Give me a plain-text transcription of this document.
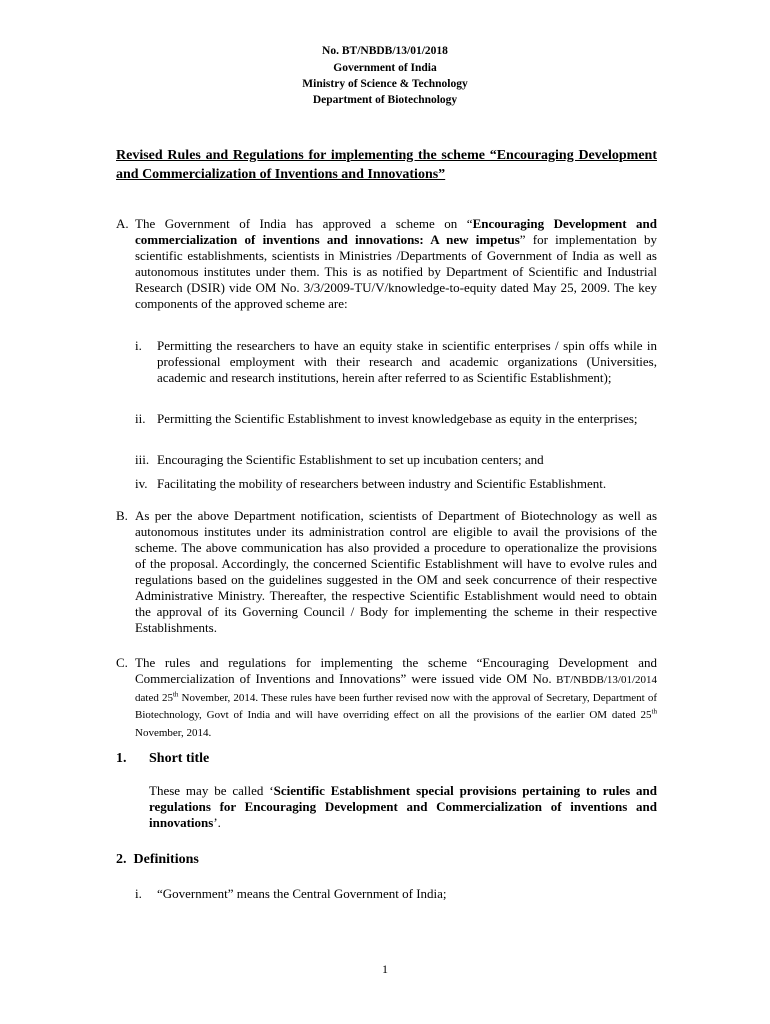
No. BT/NBDB/13/01/2018
Government of India
Ministry of Science & Technology
Department of Biotechnology
Revised Rules and Regulations for implementing the scheme “Encouraging Development and Commercialization of Inventions and Innovations”
A. The Government of India has approved a scheme on “Encouraging Development and commercialization of inventions and innovations: A new impetus” for implementation by scientific establishments, scientists in Ministries /Departments of Government of India as well as autonomous institutes under them. This is as notified by Department of Scientific and Industrial Research (DSIR) vide OM No. 3/3/2009-TU/V/knowledge-to-equity dated May 25, 2009. The key components of the approved scheme are:
i. Permitting the researchers to have an equity stake in scientific enterprises / spin offs while in professional employment with their research and academic organizations (Universities, academic and research institutions, herein after referred to as Scientific Establishment);
ii. Permitting the Scientific Establishment to invest knowledgebase as equity in the enterprises;
iii. Encouraging the Scientific Establishment to set up incubation centers; and
iv. Facilitating the mobility of researchers between industry and Scientific Establishment.
B. As per the above Department notification, scientists of Department of Biotechnology as well as autonomous institutes under its administration control are eligible to avail the provisions of the scheme. The above communication has also provided a procedure to operationalize the provisions of the proposal. Accordingly, the concerned Scientific Establishment will have to evolve rules and regulations based on the guidelines suggested in the OM and seek concurrence of their respective Administrative Ministry. Thereafter, the respective Scientific Establishment would need to obtain the approval of its Governing Council / Body for implementing the scheme in their respective Establishments.
C. The rules and regulations for implementing the scheme “Encouraging Development and Commercialization of Inventions and Innovations” were issued vide OM No. BT/NBDB/13/01/2014 dated 25th November, 2014. These rules have been further revised now with the approval of Secretary, Department of Biotechnology, Govt of India and will have overriding effect on all the provisions of the earlier OM dated 25th November, 2014.
1. Short title
These may be called ‘Scientific Establishment special provisions pertaining to rules and regulations for Encouraging Development and Commercialization of inventions and innovations’.
2.  Definitions
i. “Government” means the Central Government of India;
1
